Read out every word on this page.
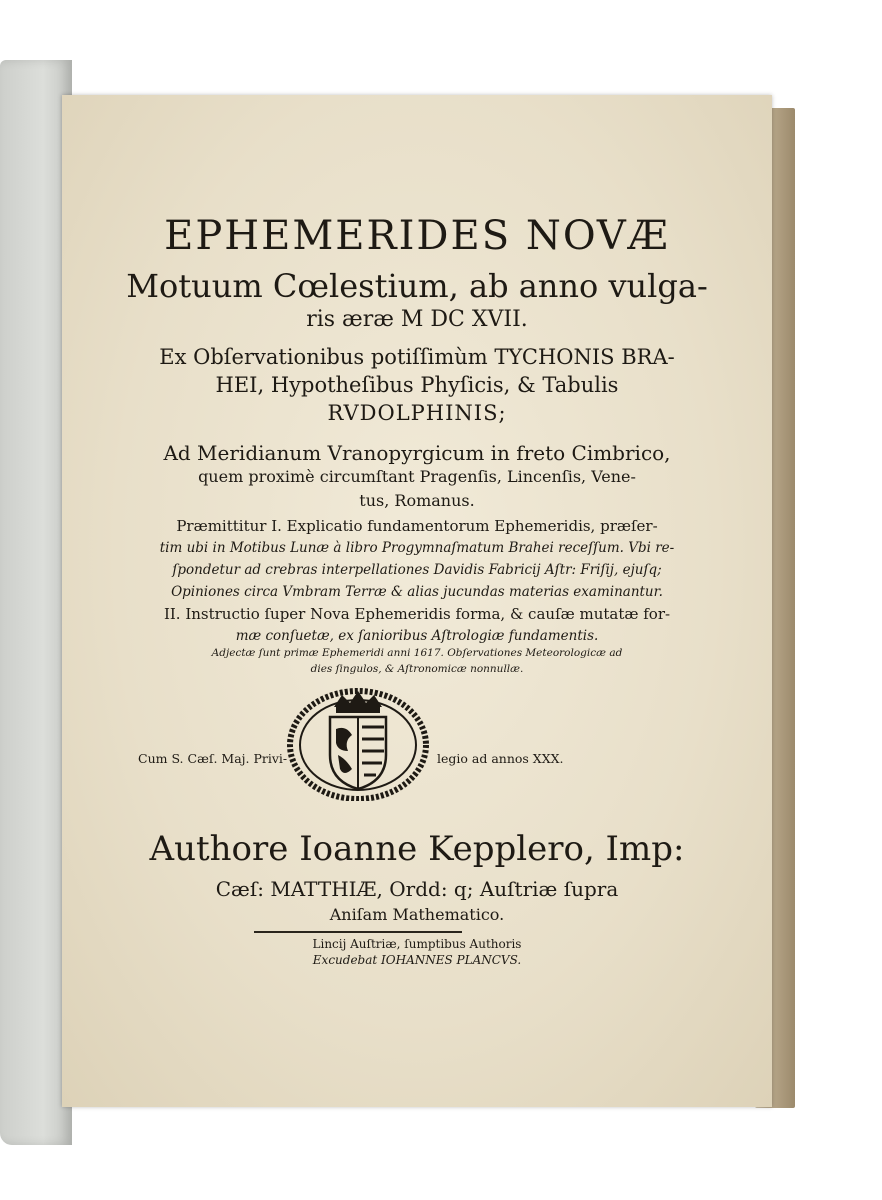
EPHEMERIDES NOVÆ
Motuum Cœlestium, ab anno vulga-
ris æræ M DC XVII.
Ex Obſervationibus potiſſimùm TYCHONIS BRA-
HEI, Hypotheſibus Phyſicis, & Tabulis
RVDOLPHINIS;
Ad Meridianum Vranopyrgicum in freto Cimbrico,
quem proximè circumſtant Pragenſis, Lincenſis, Vene-
tus, Romanus.
Præmittitur I. Explicatio fundamentorum Ephemeridis, præſer-
tim ubi in Motibus Lunæ à libro Progymnaſmatum Brahei receſſum. Vbi re-
ſpondetur ad crebras interpellationes Davidis Fabricij Aſtr: Friſij, ejuſq;
Opiniones circa Vmbram Terræ & alias jucundas materias examinantur.
II. Instructio ſuper Nova Ephemeridis forma, & cauſæ mutatæ for-
mæ conſuetæ, ex ſanioribus Aſtrologiæ fundamentis.
Adjectæ ſunt primæ Ephemeridi anni 1617. Obſervationes Meteorologicæ ad
dies ſingulos, & Aſtronomicæ nonnullæ.
Cum S. Cæſ. Maj. Privi-	legio ad annos XXX.
Authore Ioanne Kepplero, Imp:
Cæſ: MATTHIÆ, Ordd: q; Auſtriæ ſupra
Aniſam Mathematico.
Lincij Auſtriæ, ſumptibus Authoris
Excudebat IOHANNES PLANCVS.
